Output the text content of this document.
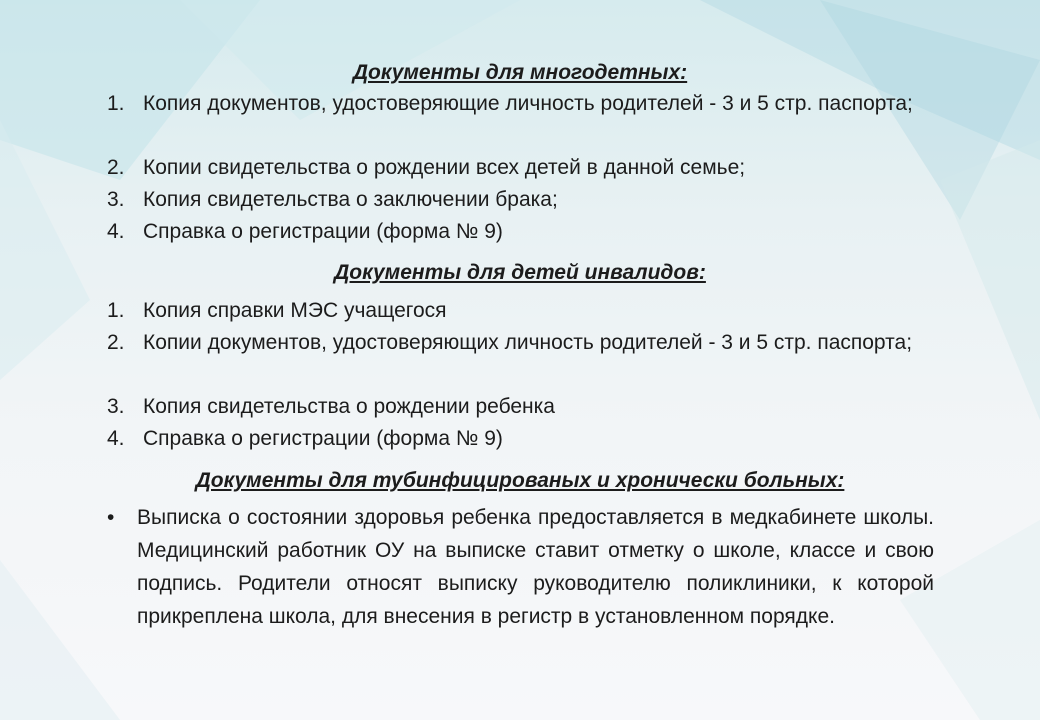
Документы для многодетных:
1. Копия документов, удостоверяющие личность родителей - 3 и 5 стр. паспорта;
2. Копии свидетельства о рождении всех детей в данной семье;
3. Копия свидетельства о заключении брака;
4. Справка о регистрации (форма № 9)
Документы для детей инвалидов:
1. Копия справки МЭС учащегося
2. Копии документов, удостоверяющих личность родителей - 3 и 5 стр. паспорта;
3. Копия свидетельства о рождении ребенка
4. Справка о регистрации (форма № 9)
Документы для тубинфицированых и хронически больных:
• Выписка о состоянии здоровья ребенка предоставляется в медкабинете школы. Медицинский работник ОУ на выписке ставит отметку о школе, классе и свою подпись. Родители относят выписку руководителю поликлиники, к которой прикреплена школа, для внесения в регистр в установленном порядке.
